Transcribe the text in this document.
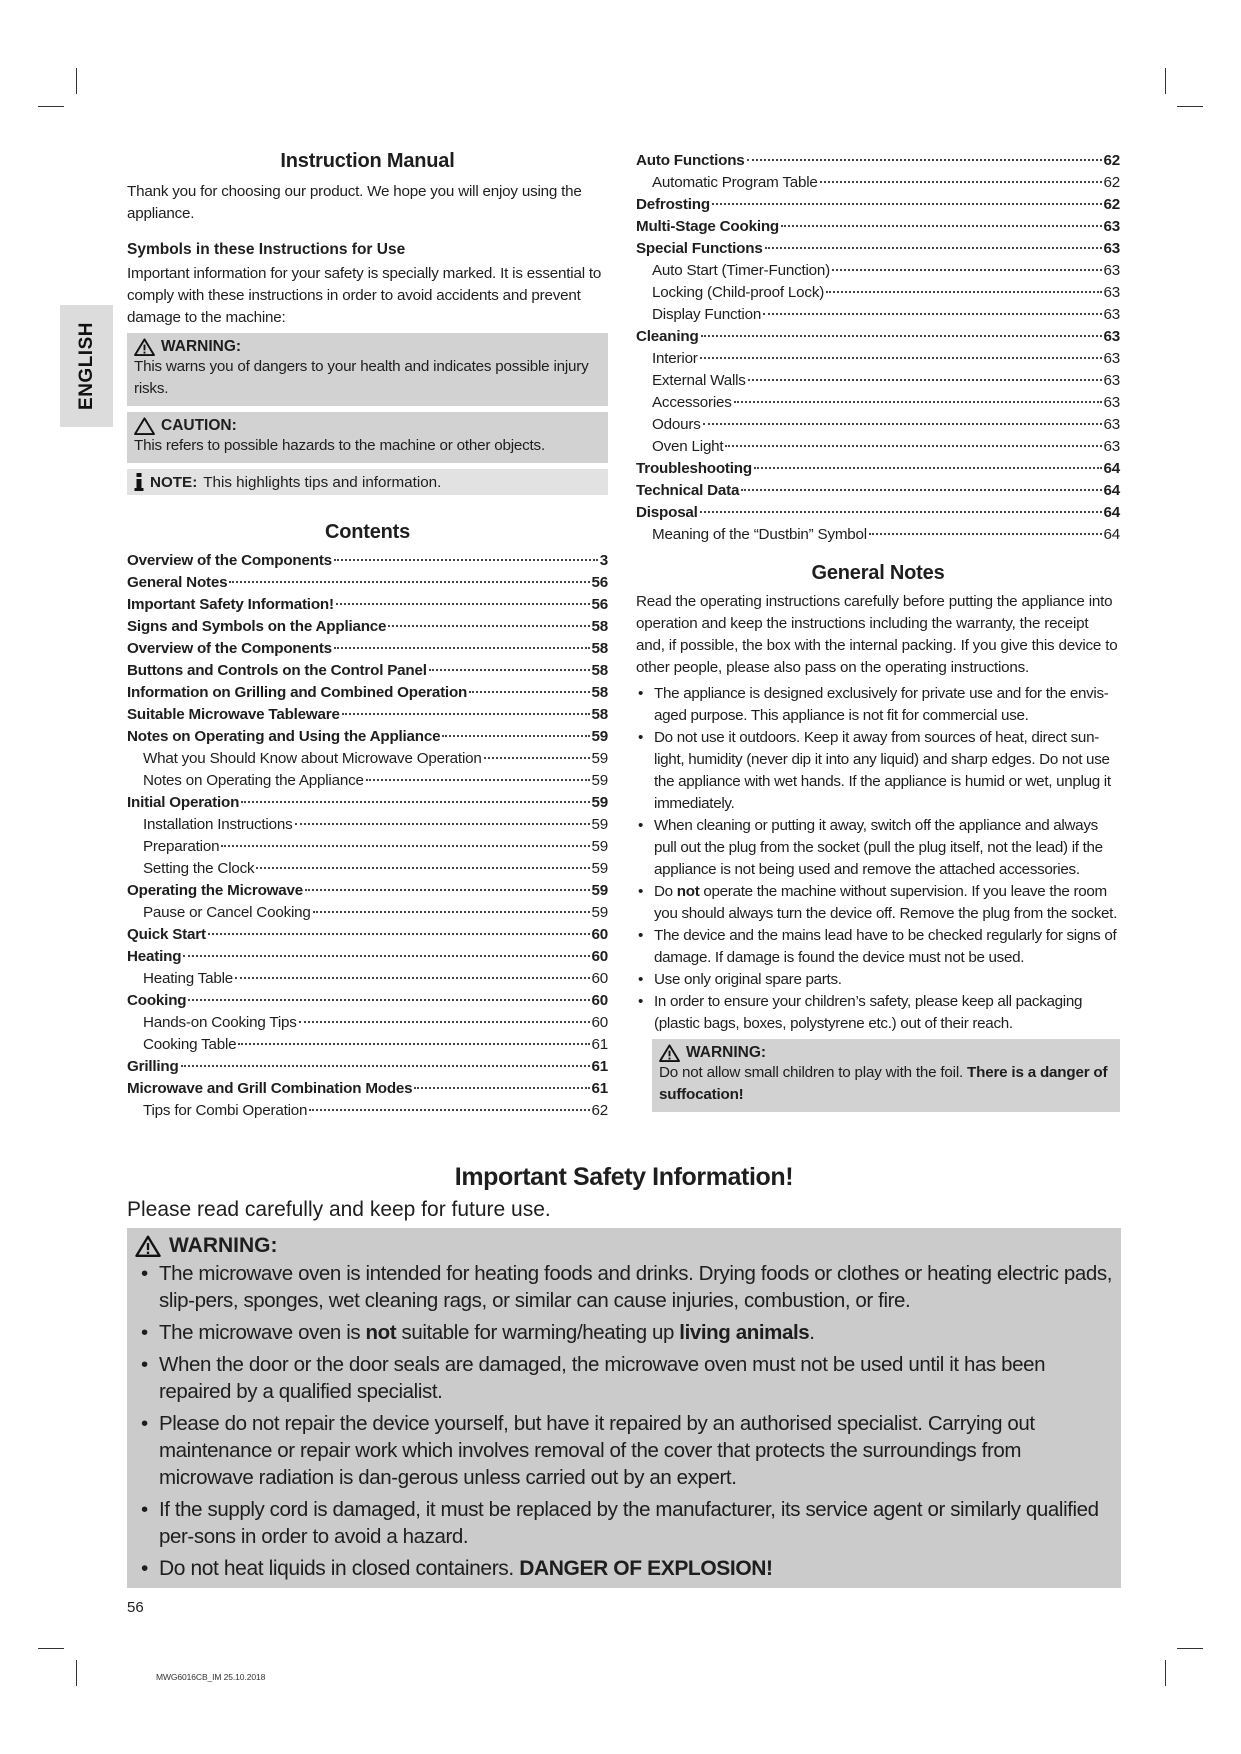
ENGLISH
Instruction Manual

Thank you for choosing our product. We hope you will enjoy using the appliance.

Symbols in these Instructions for Use

Important information for your safety is specially marked. It is essential to comply with these instructions in order to avoid accidents and prevent damage to the machine:

WARNING:
This warns you of dangers to your health and indicates possible injury risks.
CAUTION:
This refers to possible hazards to the machine or other objects.
NOTE: This highlights tips and information.
Contents
Overview of the Components	3
General Notes	56
Important Safety Information!	56
Signs and Symbols on the Appliance	58
Overview of the Components	58
Buttons and Controls on the Control Panel	58
Information on Grilling and Combined Operation	58
Suitable Microwave Tableware	58
Notes on Operating and Using the Appliance	59
What you Should Know about Microwave Operation	59
Notes on Operating the Appliance	59
Initial Operation	59
Installation Instructions	59
Preparation	59
Setting the Clock	59
Operating the Microwave	59
Pause or Cancel Cooking	59
Quick Start	60
Heating	60
Heating Table	60
Cooking	60
Hands-on Cooking Tips	60
Cooking Table	61
Grilling	61
Microwave and Grill Combination Modes	61
Tips for Combi Operation	62
Auto Functions	62
Automatic Program Table	62
Defrosting	62
Multi-Stage Cooking	63
Special Functions	63
Auto Start (Timer-Function)	63
Locking (Child-proof Lock)	63
Display Function	63
Cleaning	63
Interior	63
External Walls	63
Accessories	63
Odours	63
Oven Light	63
Troubleshooting	64
Technical Data	64
Disposal	64
Meaning of the “Dustbin” Symbol	64
General Notes

Read the operating instructions carefully before putting the appliance into operation and keep the instructions including the warranty, the receipt and, if possible, the box with the internal packing. If you give this device to other people, please also pass on the operating instructions.

• The appliance is designed exclusively for private use and for the envis-aged purpose. This appliance is not fit for commercial use.
• Do not use it outdoors. Keep it away from sources of heat, direct sun-light, humidity (never dip it into any liquid) and sharp edges. Do not use the appliance with wet hands. If the appliance is humid or wet, unplug it immediately.
• When cleaning or putting it away, switch off the appliance and always pull out the plug from the socket (pull the plug itself, not the lead) if the appliance is not being used and remove the attached accessories.
• Do not operate the machine without supervision. If you leave the room you should always turn the device off. Remove the plug from the socket.
• The device and the mains lead have to be checked regularly for signs of damage. If damage is found the device must not be used.
• Use only original spare parts.
• In order to ensure your children’s safety, please keep all packaging (plastic bags, boxes, polystyrene etc.) out of their reach.
WARNING:
Do not allow small children to play with the foil. There is a danger of suffocation!
Important Safety Information!
Please read carefully and keep for future use.
WARNING:
• The microwave oven is intended for heating foods and drinks. Drying foods or clothes or heating electric pads, slip-pers, sponges, wet cleaning rags, or similar can cause injuries, combustion, or fire.
• The microwave oven is not suitable for warming/heating up living animals.
• When the door or the door seals are damaged, the microwave oven must not be used until it has been repaired by a qualified specialist.
• Please do not repair the device yourself, but have it repaired by an authorised specialist. Carrying out maintenance or repair work which involves removal of the cover that protects the surroundings from microwave radiation is dan-gerous unless carried out by an expert.
• If the supply cord is damaged, it must be replaced by the manufacturer, its service agent or similarly qualified per-sons in order to avoid a hazard.
• Do not heat liquids in closed containers. DANGER OF EXPLOSION!
56
MWG6016CB_IM 25.10.2018
